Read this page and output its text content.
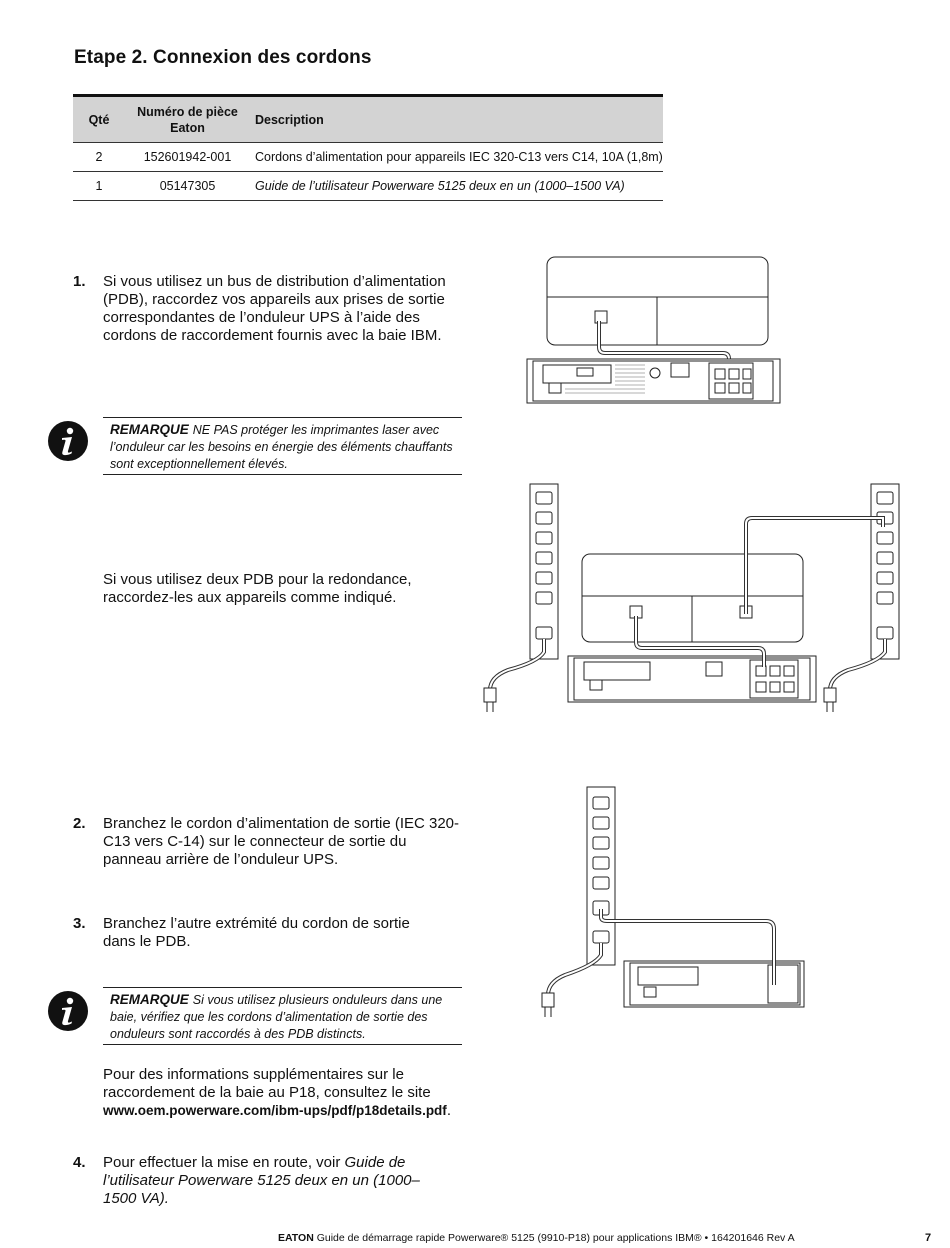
Etape 2. Connexion des cordons
Qté	Numéro de pièce Eaton	Description
2	152601942-001	Cordons d’alimentation pour appareils IEC 320-C13 vers C14, 10A (1,8m)
1	05147305	Guide de l’utilisateur Powerware 5125 deux en un (1000–1500 VA)
1. Si vous utilisez un bus de distribution d’alimentation (PDB), raccordez vos appareils aux prises de sortie correspondantes de l’onduleur UPS à l’aide des cordons de raccordement fournis avec la baie IBM.
REMARQUE NE PAS protéger les imprimantes laser avec l’onduleur car les besoins en énergie des éléments chauffants sont exceptionnellement élevés.
Si vous utilisez deux PDB pour la redondance, raccordez-les aux appareils comme indiqué.
2. Branchez le cordon d’alimentation de sortie (IEC 320-C13 vers C-14) sur le connecteur de sortie du panneau arrière de l’onduleur UPS.
3. Branchez l’autre extrémité du cordon de sortie dans le PDB.
REMARQUE Si vous utilisez plusieurs onduleurs dans une baie, vérifiez que les cordons d’alimentation de sortie des onduleurs sont raccordés à des PDB distincts.
Pour des informations supplémentaires sur le raccordement de la baie au P18, consultez le site www.oem.powerware.com/ibm-ups/pdf/p18details.pdf.
4. Pour effectuer la mise en route, voir Guide de l’utilisateur Powerware 5125 deux en un (1000–1500 VA).
EATON Guide de démarrage rapide Powerware® 5125 (9910-P18) pour applications IBM® • 164201646 Rev A	7
